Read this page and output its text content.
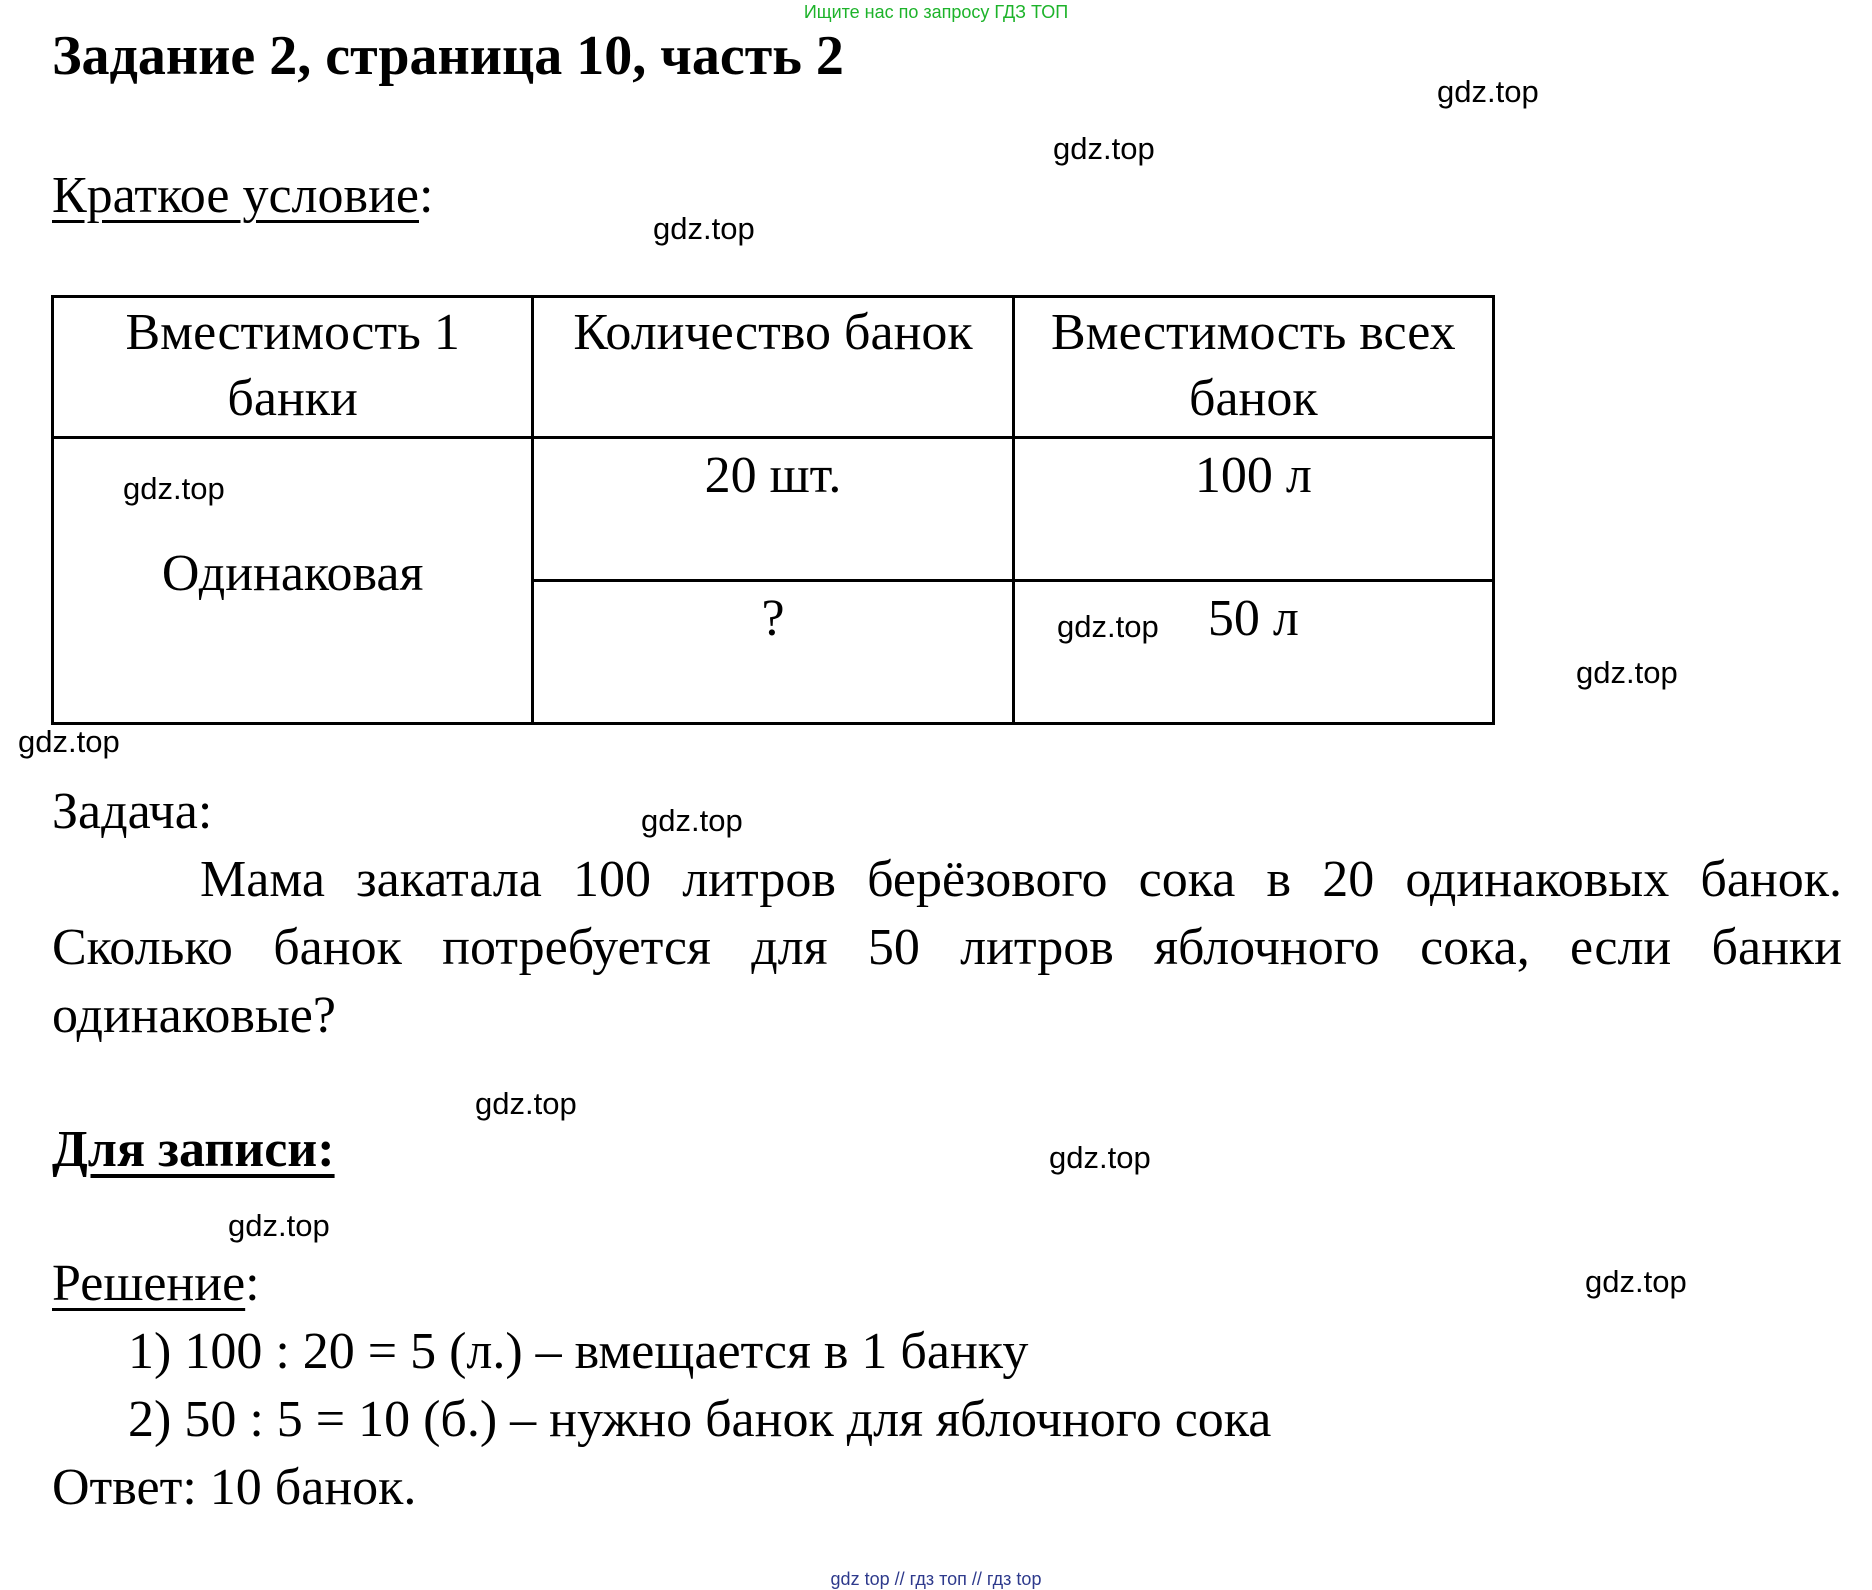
Ищите нас по запросу ГДЗ ТОП
Задание 2, страница 10, часть 2
Краткое условие:
Вместимость 1 банки	Количество банок	Вместимость всех банок
Одинаковая	20 шт.	100 л
	?	50 л
Задача:
Мама закатала 100 литров берёзового сока в 20 одинаковых банок. Сколько банок потребуется для 50 литров яблочного сока, если банки одинаковые?
Для записи:
Решение:
1) 100 : 20 = 5 (л.) – вмещается в 1 банку
2) 50 : 5 = 10 (б.) – нужно банок для яблочного сока
Ответ: 10 банок.
gdz.top
gdz.top
gdz.top
gdz.top
gdz.top
gdz.top
gdz.top
gdz.top
gdz.top
gdz.top
gdz.top
gdz.top
gdz top // гдз топ // гдз top
